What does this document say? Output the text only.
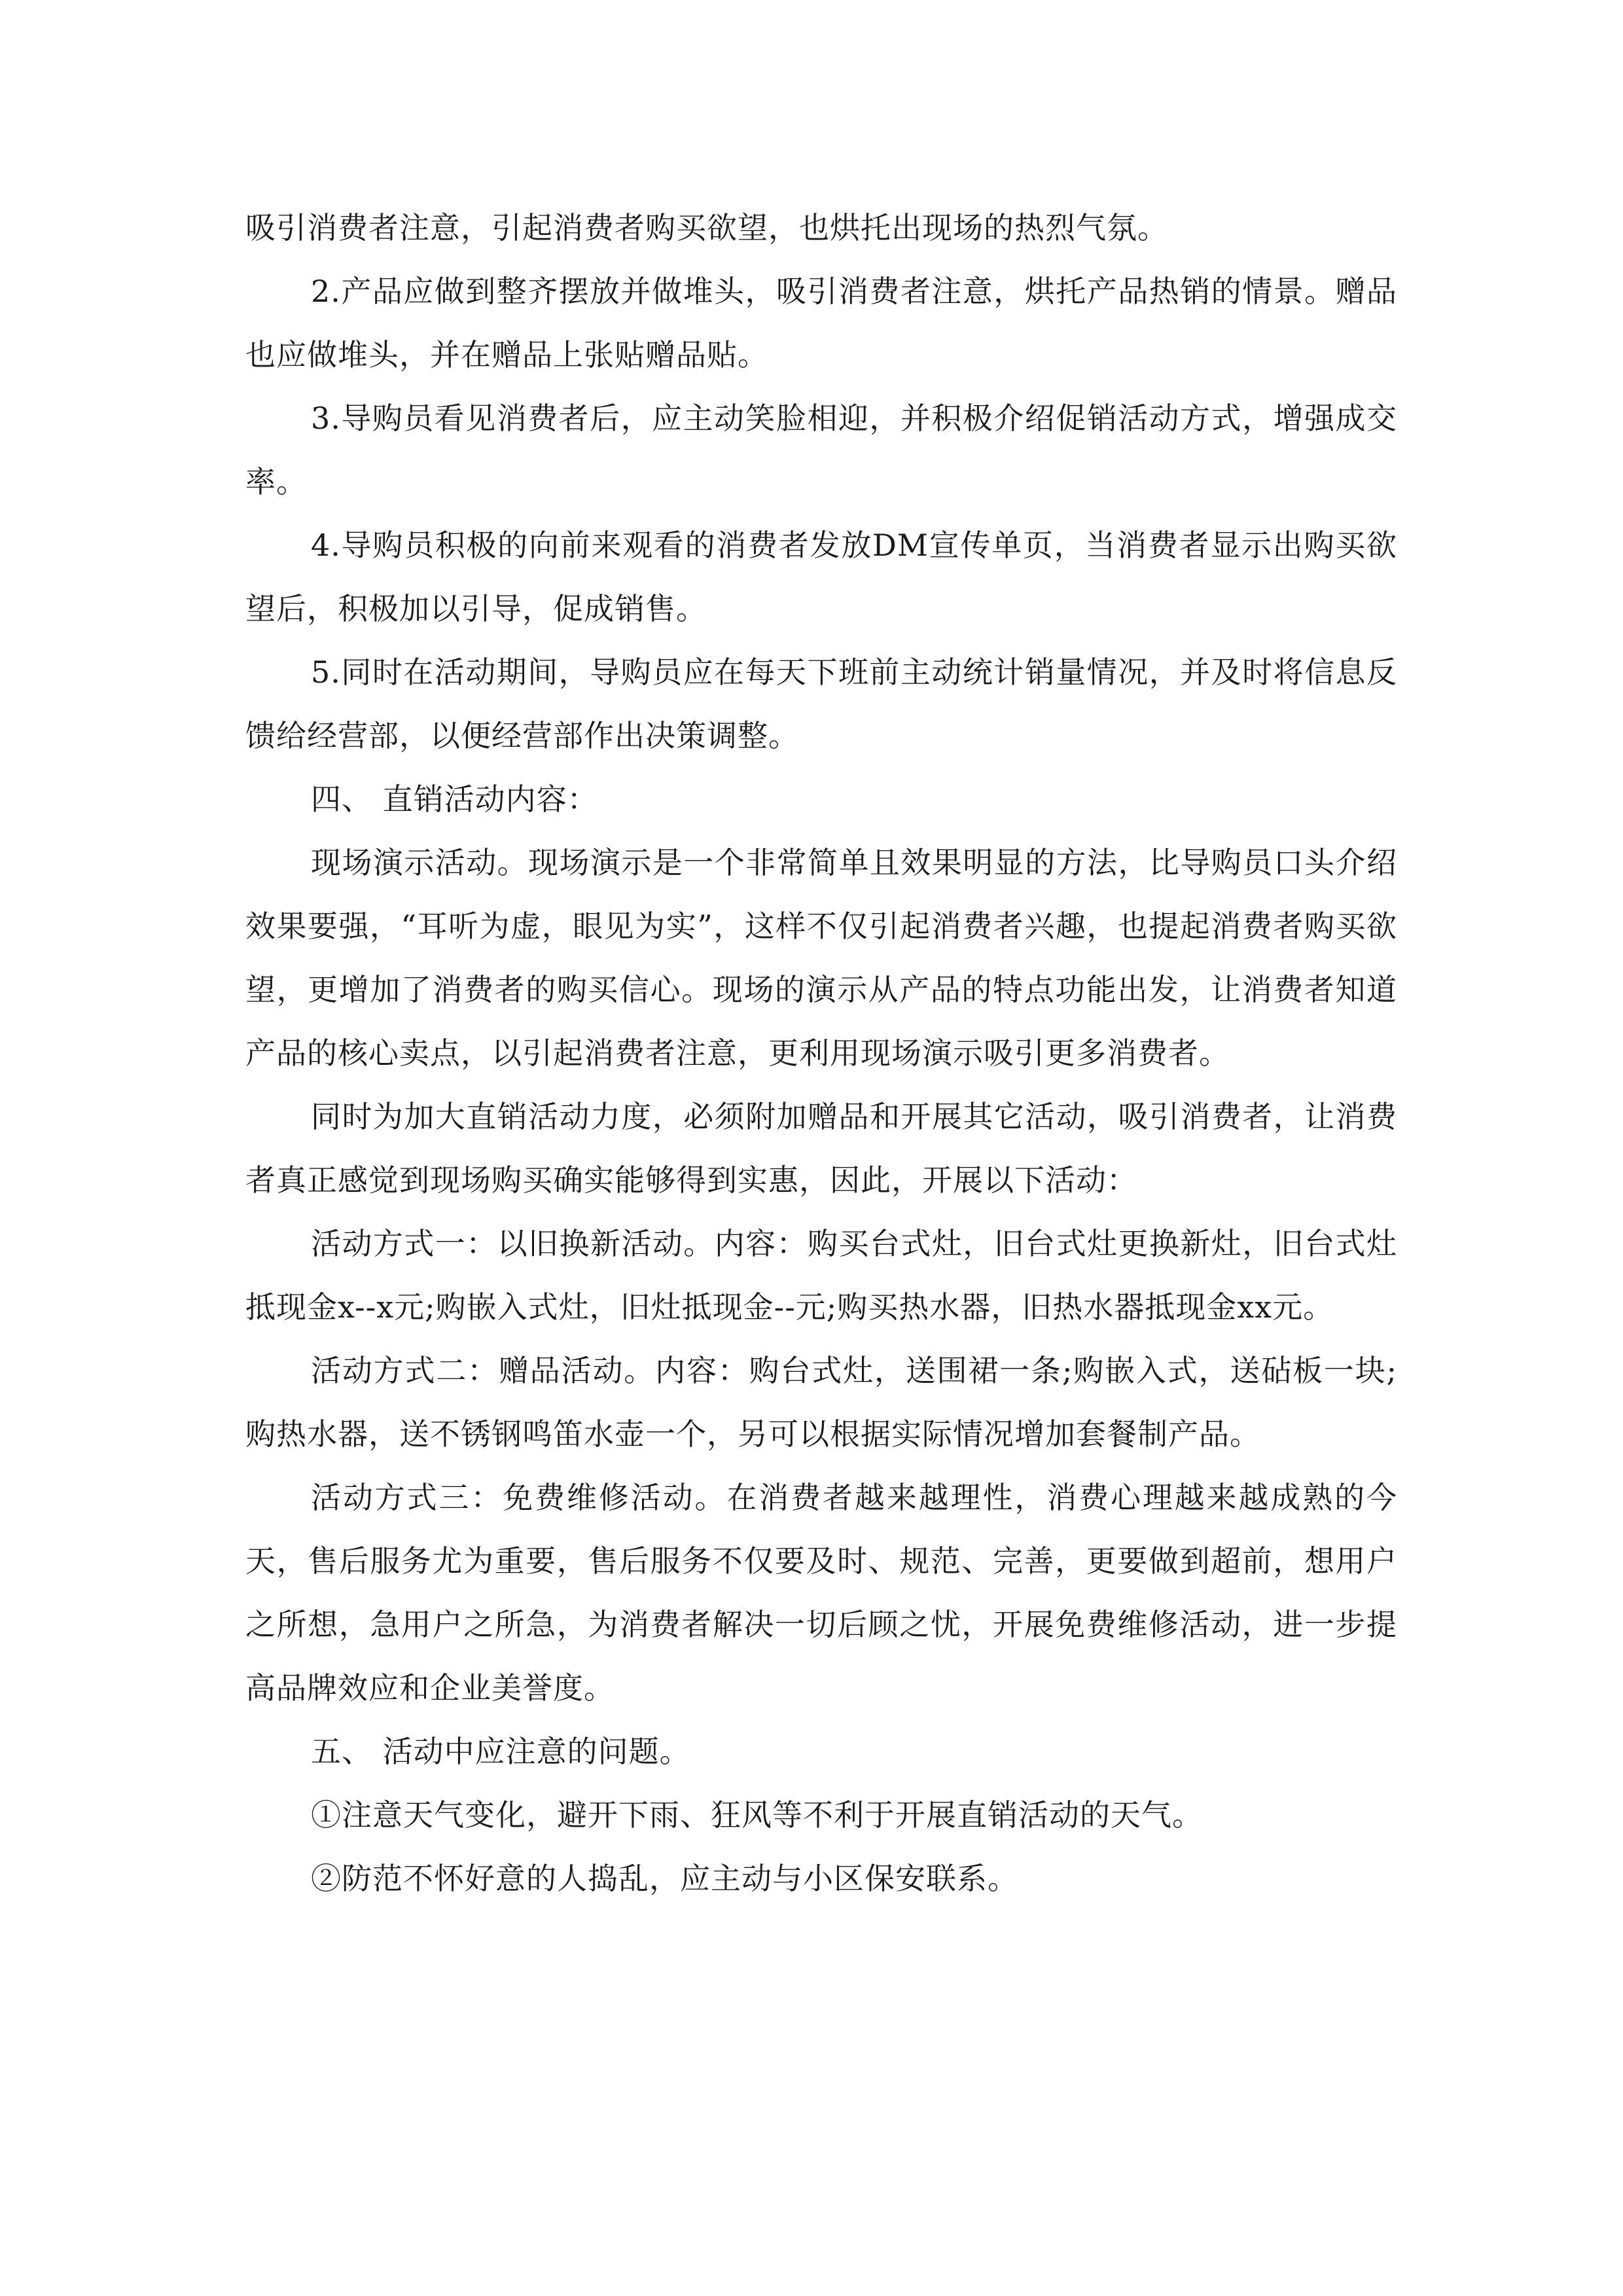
吸引消费者注意，引起消费者购买欲望，也烘托出现场的热烈气氛。

2.产品应做到整齐摆放并做堆头，吸引消费者注意，烘托产品热销的情景。赠品也应做堆头，并在赠品上张贴赠品贴。

3.导购员看见消费者后，应主动笑脸相迎，并积极介绍促销活动方式，增强成交率。

4.导购员积极的向前来观看的消费者发放DM宣传单页，当消费者显示出购买欲望后，积极加以引导，促成销售。

5.同时在活动期间，导购员应在每天下班前主动统计销量情况，并及时将信息反馈给经营部，以便经营部作出决策调整。

四、 直销活动内容：

现场演示活动。现场演示是一个非常简单且效果明显的方法，比导购员口头介绍效果要强，“耳听为虚，眼见为实”，这样不仅引起消费者兴趣，也提起消费者购买欲望，更增加了消费者的购买信心。现场的演示从产品的特点功能出发，让消费者知道产品的核心卖点，以引起消费者注意，更利用现场演示吸引更多消费者。

同时为加大直销活动力度，必须附加赠品和开展其它活动，吸引消费者，让消费者真正感觉到现场购买确实能够得到实惠，因此，开展以下活动：

活动方式一：以旧换新活动。内容：购买台式灶，旧台式灶更换新灶，旧台式灶抵现金x--x元;购嵌入式灶，旧灶抵现金--元;购买热水器，旧热水器抵现金xx元。

活动方式二：赠品活动。内容：购台式灶，送围裙一条;购嵌入式，送砧板一块;购热水器，送不锈钢鸣笛水壶一个，另可以根据实际情况增加套餐制产品。

活动方式三：免费维修活动。在消费者越来越理性，消费心理越来越成熟的今天，售后服务尤为重要，售后服务不仅要及时、规范、完善，更要做到超前，想用户之所想，急用户之所急，为消费者解决一切后顾之忧，开展免费维修活动，进一步提高品牌效应和企业美誉度。

五、 活动中应注意的问题。

①注意天气变化，避开下雨、狂风等不利于开展直销活动的天气。

②防范不怀好意的人捣乱，应主动与小区保安联系。
